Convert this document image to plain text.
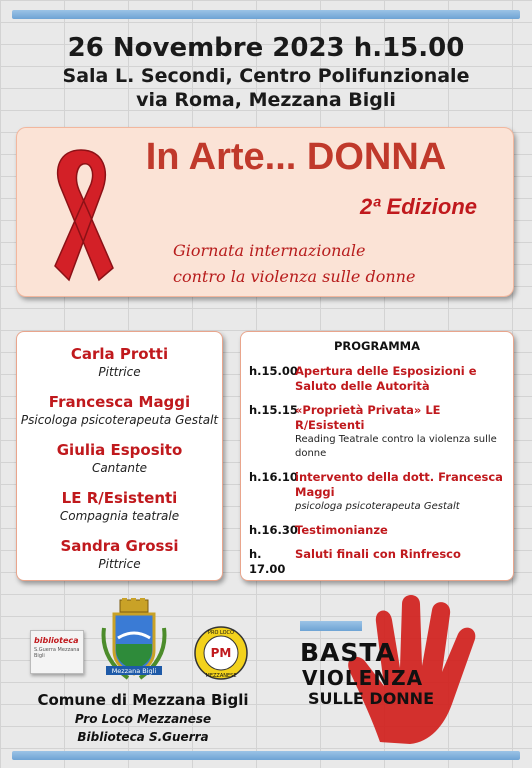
26 Novembre 2023 h.15.00
Sala L. Secondi, Centro Polifunzionale
via Roma, Mezzana Bigli
In Arte... DONNA
2ª Edizione
Giornata internazionale
contro la violenza sulle donne
Carla Protti
Pittrice
Francesca Maggi
Psicologa psicoterapeuta Gestalt
Giulia Esposito
Cantante
LE R/Esistenti
Compagnia teatrale
Sandra Grossi
Pittrice
PROGRAMMA
h.15.00
Apertura delle Esposizioni e Saluto delle Autorità
h.15.15
«Proprietà Privata» LE R/Esistenti
Reading Teatrale contro la violenza sulle donne
h.16.10
intervento della dott. Francesca Maggi
psicologa psicoterapeuta Gestalt
h.16.30
Testimonianze
h. 17.00
Saluti finali con Rinfresco
biblioteca
S.Guerra Mezzana Bigli
Mezzana Bigli
PRO LOCO
PM
MEZZANESE
Comune di Mezzana Bigli
Pro Loco Mezzanese
Biblioteca S.Guerra
BASTA
VIOLENZA
SULLE DONNE
